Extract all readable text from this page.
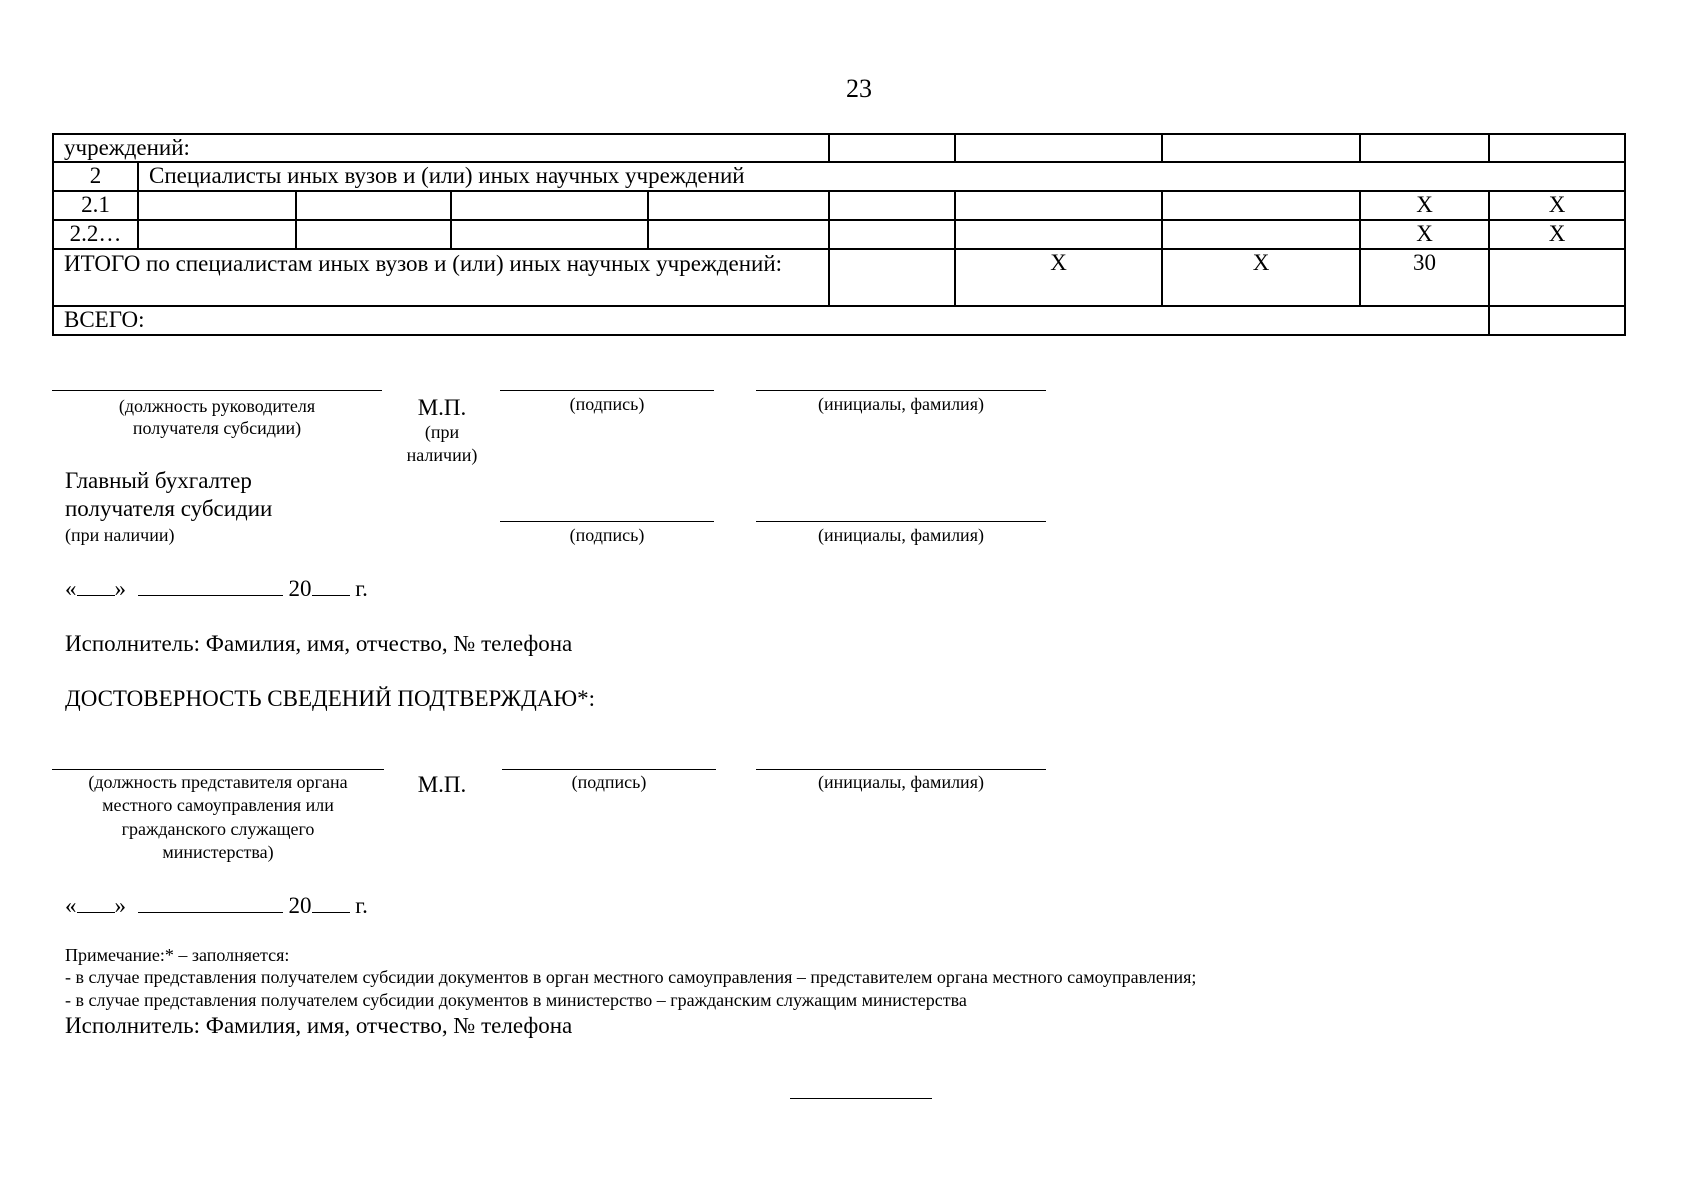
23
учреждений:									
2	Специалисты иных вузов и (или) иных научных учреждений								
2.1								Х	Х
2.2…								Х	Х
ИТОГО по специалистам иных вузов и (или) иных научных учреждений:						Х	Х	30	
ВСЕГО:									
(должность руководителя
получателя субсидии)
М.П.
(при
наличии)
(подпись)	(инициалы, фамилия)
Главный бухгалтер
получателя субсидии
(при наличии)	(подпись)	(инициалы, фамилия)
« »	20 г.
Исполнитель: Фамилия, имя, отчество, № телефона
ДОСТОВЕРНОСТЬ СВЕДЕНИЙ ПОДТВЕРЖДАЮ*:
(должность представителя органа
местного самоуправления или
гражданского служащего
министерства)
М.П.	(подпись)	(инициалы, фамилия)
« »	20 г.
Примечание:* – заполняется:
- в случае представления получателем субсидии документов в орган местного самоуправления – представителем органа местного самоуправления;
- в случае представления получателем субсидии документов в министерство – гражданским служащим министерства
Исполнитель: Фамилия, имя, отчество, № телефона
